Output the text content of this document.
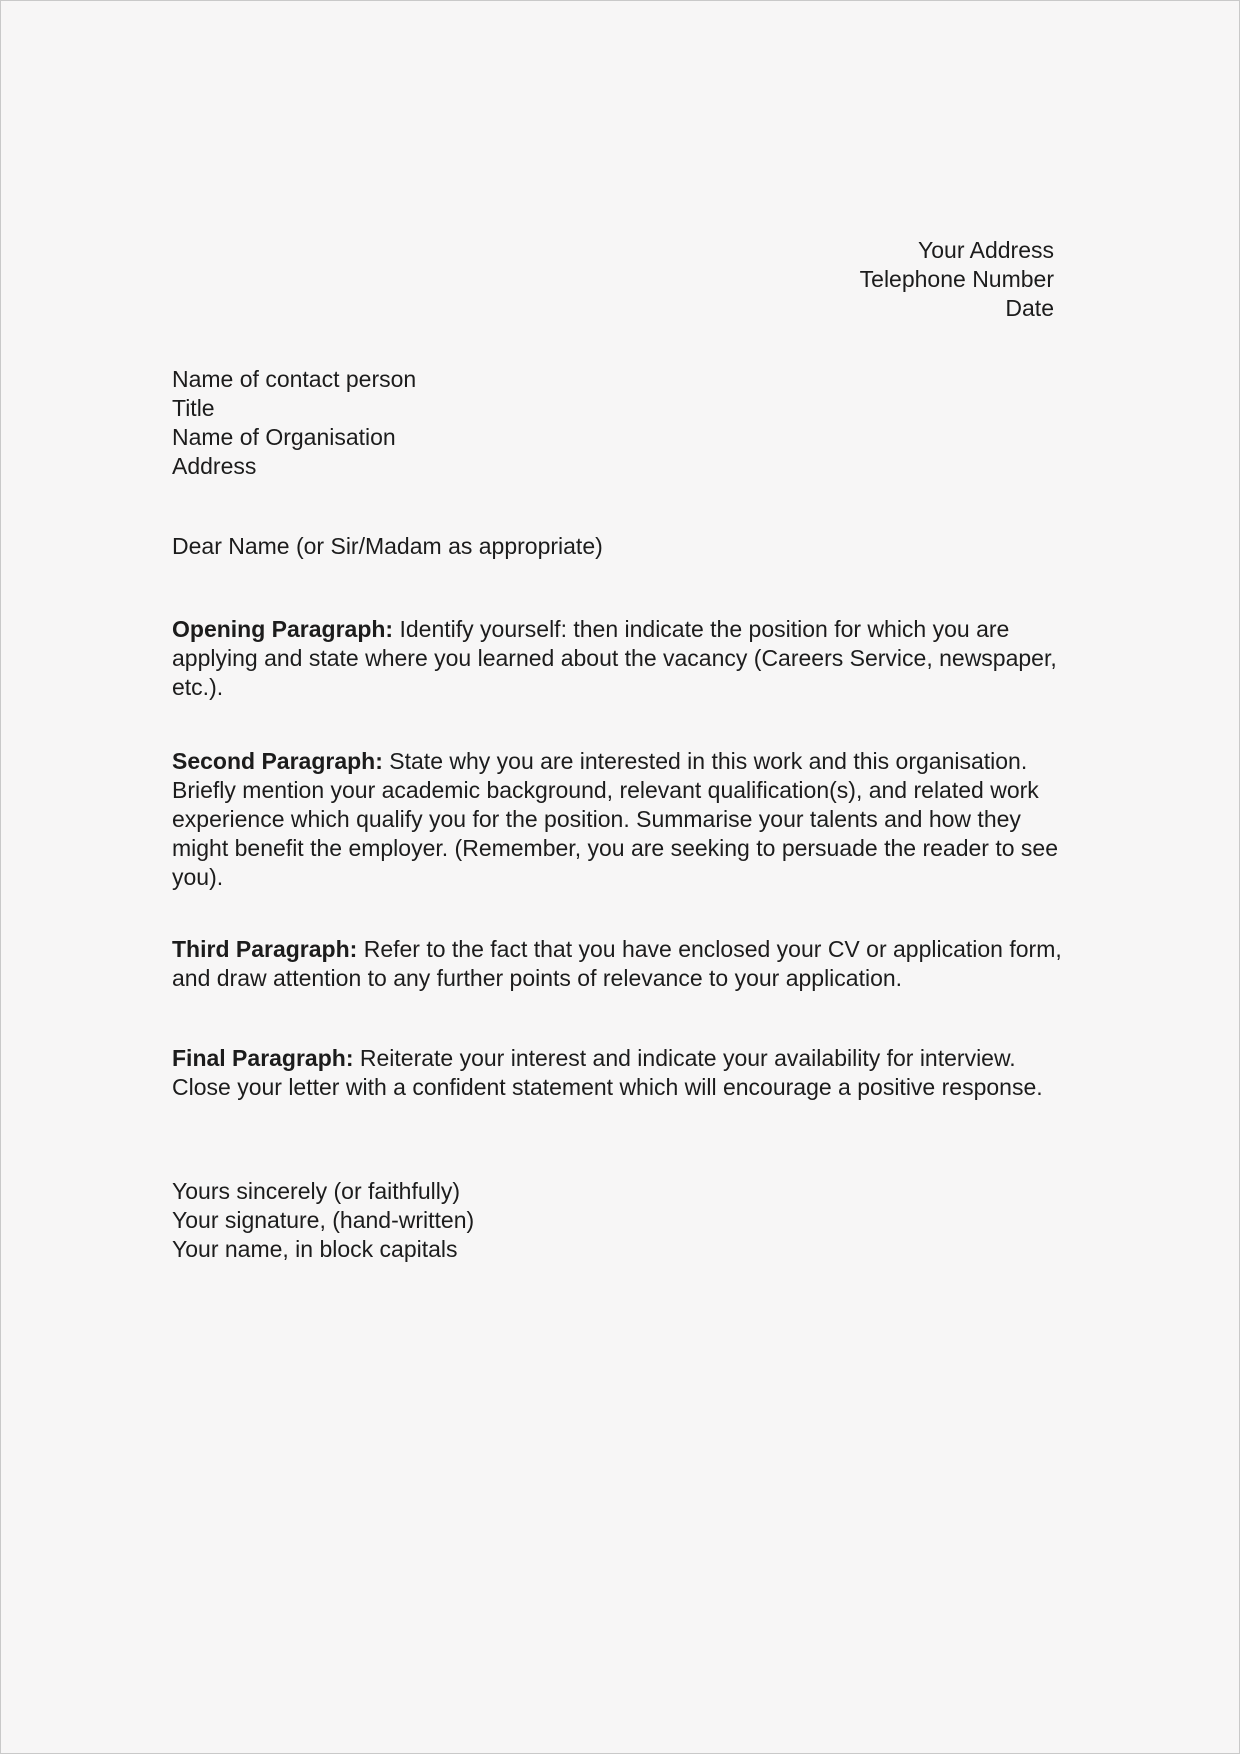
Your Address
Telephone Number
Date
Name of contact person
Title
Name of Organisation
Address
Dear Name (or Sir/Madam as appropriate)
Opening Paragraph: Identify yourself: then indicate the position for which you are applying and state where you learned about the vacancy (Careers Service, newspaper, etc.).
Second Paragraph: State why you are interested in this work and this organisation. Briefly mention your academic background, relevant qualification(s), and related work experience which qualify you for the position. Summarise your talents and how they might benefit the employer. (Remember, you are seeking to persuade the reader to see you).
Third Paragraph: Refer to the fact that you have enclosed your CV or application form, and draw attention to any further points of relevance to your application.
Final Paragraph: Reiterate your interest and indicate your availability for interview. Close your letter with a confident statement which will encourage a positive response.
Yours sincerely (or faithfully)
Your signature, (hand-written)
Your name, in block capitals
